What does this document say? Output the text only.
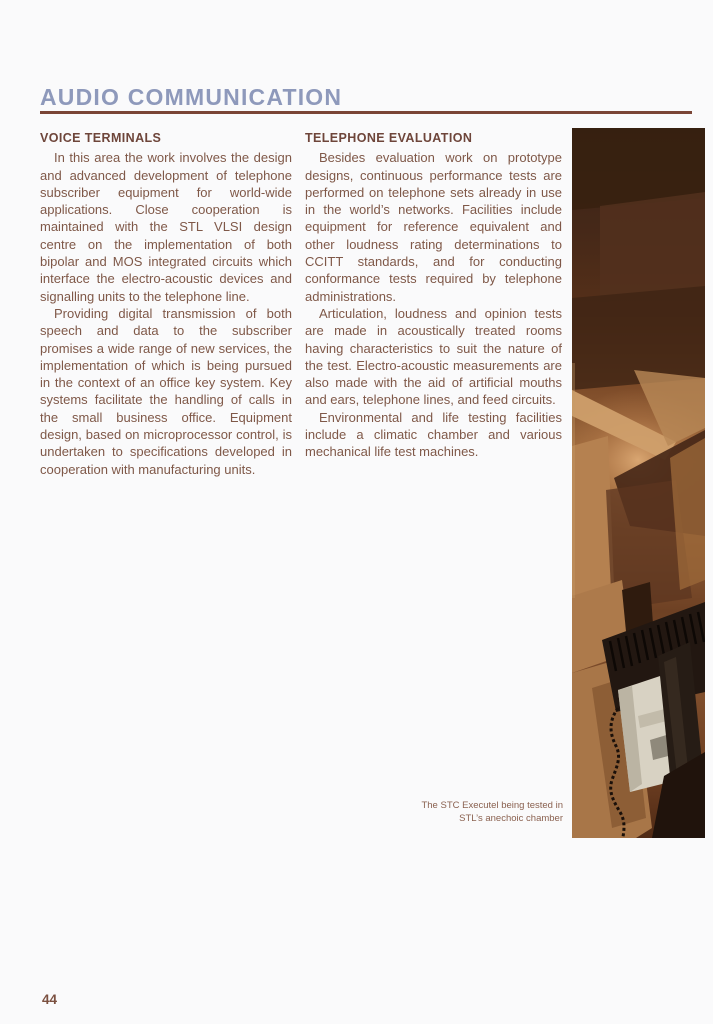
AUDIO COMMUNICATION
VOICE TERMINALS

In this area the work involves the design and advanced development of telephone subscriber equipment for world-wide applications. Close cooperation is maintained with the STL VLSI design centre on the implementation of both bipolar and MOS integrated circuits which interface the electro-acoustic devices and signalling units to the telephone line.

Providing digital transmission of both speech and data to the subscriber promises a wide range of new services, the implementation of which is being pursued in the context of an office key system. Key systems facilitate the handling of calls in the small business office. Equipment design, based on microprocessor control, is undertaken to specifications developed in cooperation with manufacturing units.

TELEPHONE EVALUATION

Besides evaluation work on prototype designs, continuous performance tests are performed on telephone sets already in use in the world’s networks. Facilities include equipment for reference equivalent and other loudness rating determinations to CCITT standards, and for conducting conformance tests required by telephone administrations.

Articulation, loudness and opinion tests are made in acoustically treated rooms having characteristics to suit the nature of the test. Electro-acoustic measurements are also made with the aid of artificial mouths and ears, telephone lines, and feed circuits.

Environmental and life testing facilities include a climatic chamber and various mechanical life test machines.

The STC Executel being tested in STL’s anechoic chamber
44
